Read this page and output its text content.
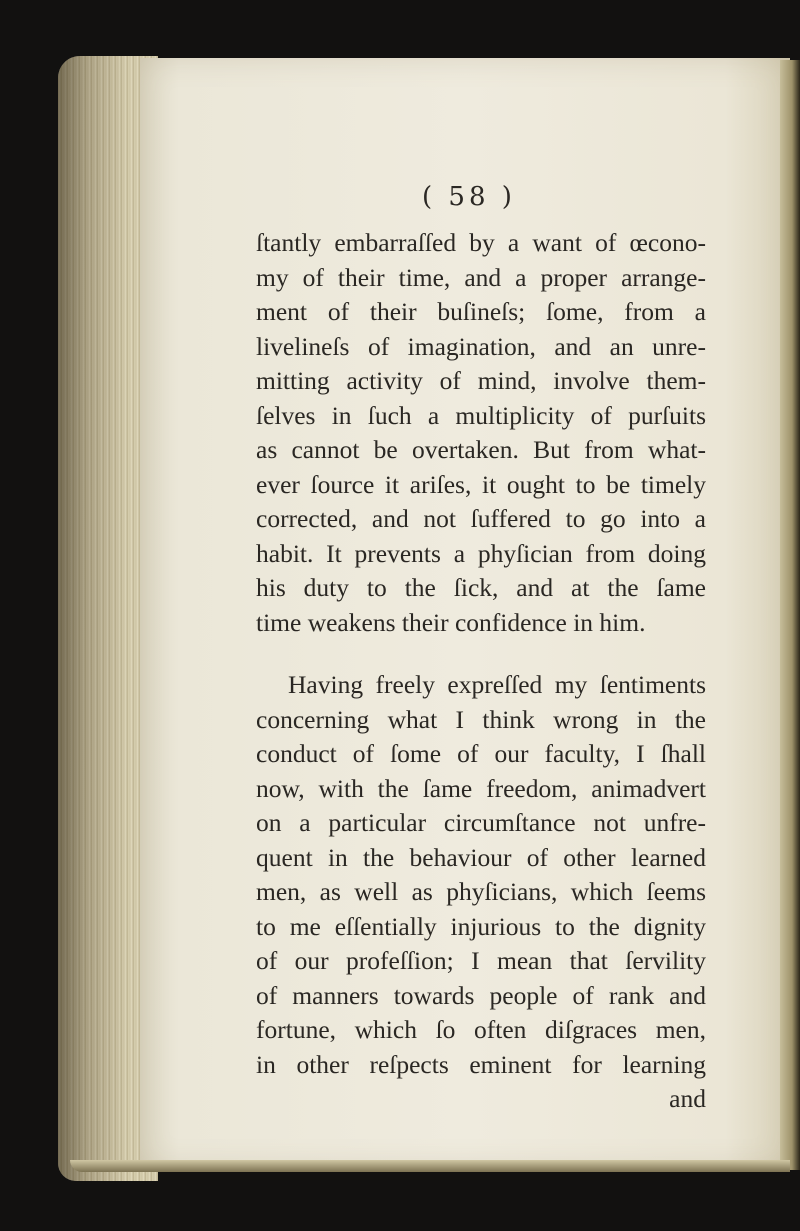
( 58 )
ſtantly embarraſſed by a want of œcono-
my of their time, and a proper arrange-
ment of their buſineſs; ſome, from a
livelineſs of imagination, and an unre-
mitting activity of mind, involve them-
ſelves in ſuch a multiplicity of purſuits
as cannot be overtaken. But from what-
ever ſource it ariſes, it ought to be timely
corrected, and not ſuffered to go into a
habit. It prevents a phyſician from doing
his duty to the ſick, and at the ſame
time weakens their confidence in him.
Having freely expreſſed my ſentiments
concerning what I think wrong in the
conduct of ſome of our faculty, I ſhall
now, with the ſame freedom, animadvert
on a particular circumſtance not unfre-
quent in the behaviour of other learned
men, as well as phyſicians, which ſeems
to me eſſentially injurious to the dignity
of our profeſſion; I mean that ſervility
of manners towards people of rank and
fortune, which ſo often diſgraces men,
in other reſpects eminent for learning
and
